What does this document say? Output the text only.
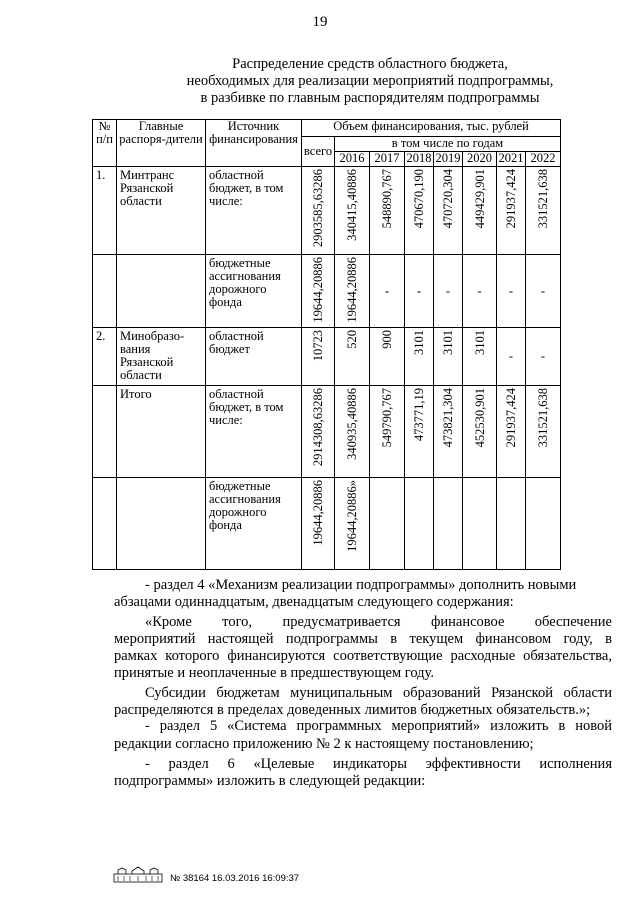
19
Распределение средств областного бюджета,
необходимых для реализации мероприятий подпрограммы,
в разбивке по главным распорядителям подпрограммы
№ п/п	Главные распоря-дители	Источник финансирования	Объем финансирования, тыс. рублей							
			всего	в том числе по годам						
				2016	2017	2018	2019	2020	2021	2022
1.	Минтранс Рязанской области	областной бюджет, в том числе:	2903585,63286	340415,40886	548890,767	470670,190	470720,304	449429,901	291937,424	331521,638

		бюджетные ассигнования дорожного фонда	19644,20886	19644,20886	-	-	-	-	-	-

2.	Минобразо-вания Рязанской области	областной бюджет	10723	520	900	3101	3101	3101	-	-

	Итого	областной бюджет, в том числе:	2914308,63286	340935,40886	549790,767	473771,19	473821,304	452530,901	291937,424	331521,638

		бюджетные ассигнования дорожного фонда	19644,20886	19644,20886»						

- раздел 4 «Механизм реализации подпрограммы» дополнить новыми
абзацами одиннадцатым, двенадцатым следующего содержания:
«Кроме того, предусматривается финансовое обеспечение
мероприятий настоящей подпрограммы в текущем финансовом году, в
рамках которого финансируются соответствующие расходные обязательства,
принятые и неоплаченные в предшествующем году.
Субсидии бюджетам муниципальным образований Рязанской области
распределяются в пределах доведенных лимитов бюджетных обязательств.»;
- раздел 5 «Система программных мероприятий» изложить в новой
редакции согласно приложению № 2 к настоящему постановлению;
- раздел 6 «Целевые индикаторы эффективности исполнения
подпрограммы» изложить в следующей редакции:
№ 38164 16.03.2016 16:09:37
